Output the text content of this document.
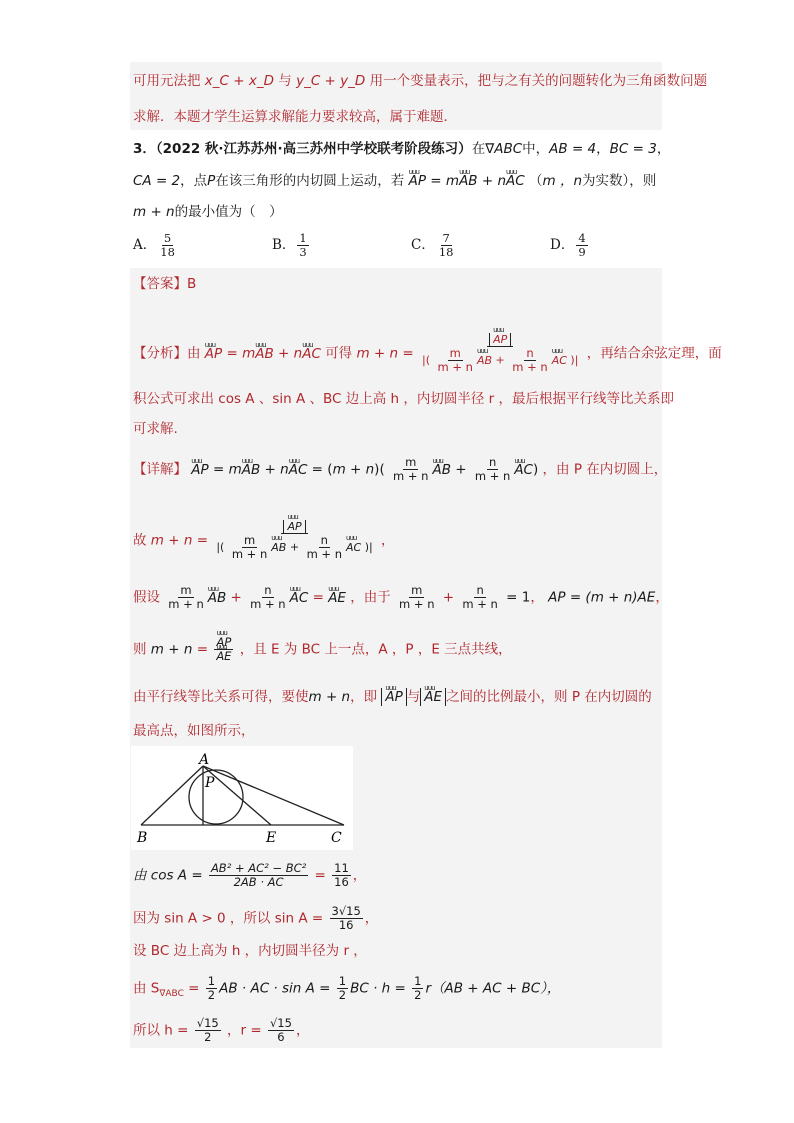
可用元法把 x_C + x_D 与 y_C + y_D 用一个变量表示，把与之有关的问题转化为三角函数问题
求解．本题才学生运算求解能力要求较高，属于难题．
3．（2022 秋·江苏苏州·高三苏州中学校联考阶段练习）在∇ABC中，AB = 4，BC = 3，
CA = 2，点P在该三角形的内切圆上运动，若 uuu AP = muuu AB + nuuu AC （m ，n为实数），则
m + n的最小值为（　）
A． $\frac{5}{18}$	B． $\frac{1}{3}$	C． $\frac{7}{18}$	D． $\frac{4}{9}$
【答案】B
【分析】由 uuu AP = muuu AB + nuuu AC 可得 m + n =
uuu AP
|( $\frac{m}{m + n}$
uuu AB + $\frac{n}{m + n}$
uuu AC )| ，再结合余弦定理，面
积公式可求出 cos A 、sin A 、BC 边上高 h ，内切圆半径 r ，最后根据平行线等比关系即
可求解.
【详解】 uuu AP = muuu AB + nuuu AC = $(m + n)( \frac{m}{m + n}$
uuu AB + $\frac{n}{m + n}$
uuu AC) ，由 P 在内切圆上，
故 m + n =
uuu AP
|( $\frac{m}{m + n}$
uuu AB + $\frac{n}{m + n}$
uuu AC )| ，
假设 $\frac{m}{m + n}$
uuu AB + $\frac{n}{m + n}$
uuu AC = uuu AE ，由于 $\frac{m}{m + n} + \frac{n}{m + n} = 1$， AP = (m + n)AE，
则 m + n =
uuu AP
uuu AE ，且 E 为 BC 上一点，A ，P ，E 三点共线，
由平行线等比关系可得，要使m + n，即 uuu AP 与uuu AE 之间的比例最小，则 P 在内切圆的
最高点，如图所示，
A
P
B	E	C
由 $\cos A = \frac{\text{AB² + AC² − BC²}}{2AB \cdot AC} = \frac{11}{16}$ ，
因为 sin A > 0 ，所以 $\sin A = \frac{3√15}{16}$ ，
设 BC 边上高为 h ，内切圆半径为 r ，
由 $S_{\nabla ABC} = \frac{1}{2}$ AB · AC · $\sin A = \frac{1}{2}$ BC · $h = \frac{1}{2} r(AB$ + AC + BC），
所以 $h = \frac{√15}{2}$ ，$r = \frac{√15}{6}$ ，
